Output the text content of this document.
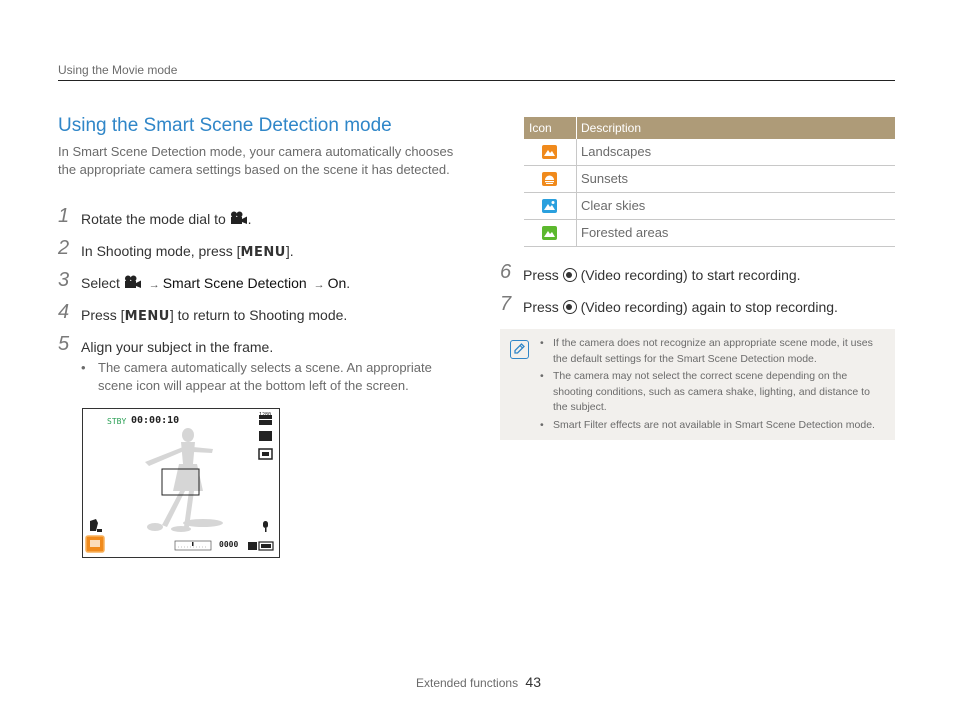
Using the Movie mode
Using the Smart Scene Detection mode
In Smart Scene Detection mode, your camera automatically chooses the appropriate camera settings based on the scene it has detected.
1 Rotate the mode dial to .
2 In Shooting mode, press [MENU].
3 Select	→ Smart Scene Detection → On.
4 Press [MENU] to return to Shooting mode.
5 Align your subject in the frame.
• The camera automatically selects a scene. An appropriate scene icon will appear at the bottom left of the screen.
STBY 00:00:10	1280
0000
Icon Description
Landscapes
Sunsets
Clear skies
Forested areas
6 Press (Video recording) to start recording.
7 Press (Video recording) again to stop recording.
• If the camera does not recognize an appropriate scene mode, it uses the default settings for the Smart Scene Detection mode.
• The camera may not select the correct scene depending on the shooting conditions, such as camera shake, lighting, and distance to the subject.
• Smart Filter effects are not available in Smart Scene Detection mode.
Extended functions 43
